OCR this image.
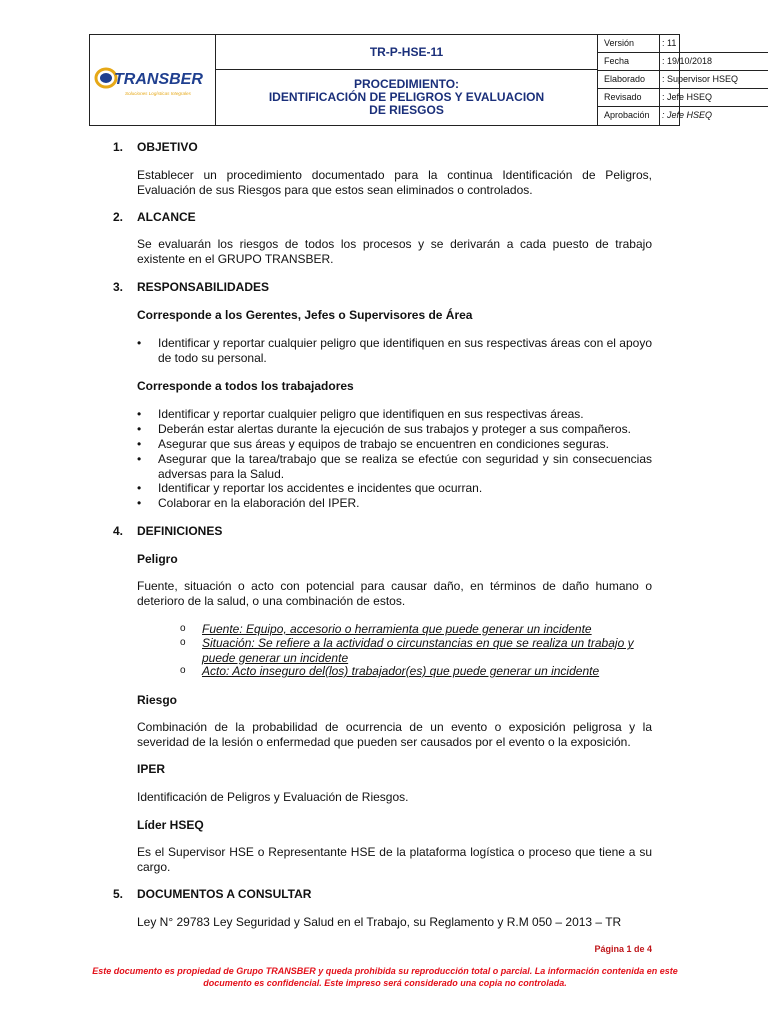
TRANSBER
Soluciones Logísticas Integrales
TR-P-HSE-11
PROCEDIMIENTO:
IDENTIFICACIÓN DE PELIGROS Y EVALUACION
DE RIESGOS
Versión	: 11
Fecha	: 19/10/2018
Elaborado	: Supervisor HSEQ
Revisado	: Jefe HSEQ
Aprobación	: Jefe HSEQ
1. OBJETIVO
Establecer un procedimiento documentado para la continua Identificación de Peligros, Evaluación de sus Riesgos para que estos sean eliminados o controlados.
2. ALCANCE
Se evaluarán los riesgos de todos los procesos y se derivarán a cada puesto de trabajo existente en el GRUPO TRANSBER.
3. RESPONSABILIDADES
Corresponde a los Gerentes, Jefes o Supervisores de Área
• Identificar y reportar cualquier peligro que identifiquen en sus respectivas áreas con el apoyo de todo su personal.
Corresponde a todos los trabajadores
• Identificar y reportar cualquier peligro que identifiquen en sus respectivas áreas.
• Deberán estar alertas durante la ejecución de sus trabajos y proteger a sus compañeros.
• Asegurar que sus áreas y equipos de trabajo se encuentren en condiciones seguras.
• Asegurar que la tarea/trabajo que se realiza se efectúe con seguridad y sin consecuencias adversas para la Salud.
• Identificar y reportar los accidentes e incidentes que ocurran.
• Colaborar en la elaboración del IPER.
4. DEFINICIONES
Peligro
Fuente, situación o acto con potencial para causar daño, en términos de daño humano o deterioro de la salud, o una combinación de estos.
o Fuente: Equipo, accesorio o herramienta que puede generar un incidente
o Situación: Se refiere a la actividad o circunstancias en que se realiza un trabajo y puede generar un incidente
o Acto: Acto inseguro del(los) trabajador(es) que puede generar un incidente
Riesgo
Combinación de la probabilidad de ocurrencia de un evento o exposición peligrosa y la severidad de la lesión o enfermedad que pueden ser causados por el evento o la exposición.
IPER
Identificación de Peligros y Evaluación de Riesgos.
Líder HSEQ
Es el Supervisor HSE o Representante HSE de la plataforma logística o proceso que tiene a su cargo.
5. DOCUMENTOS A CONSULTAR
Ley N° 29783 Ley Seguridad y Salud en el Trabajo, su Reglamento y R.M 050 – 2013 – TR
Página 1 de 4
Este documento es propiedad de Grupo TRANSBER y queda prohibida su reproducción total o parcial. La información contenida en este documento es confidencial. Este impreso será considerado una copia no controlada.
